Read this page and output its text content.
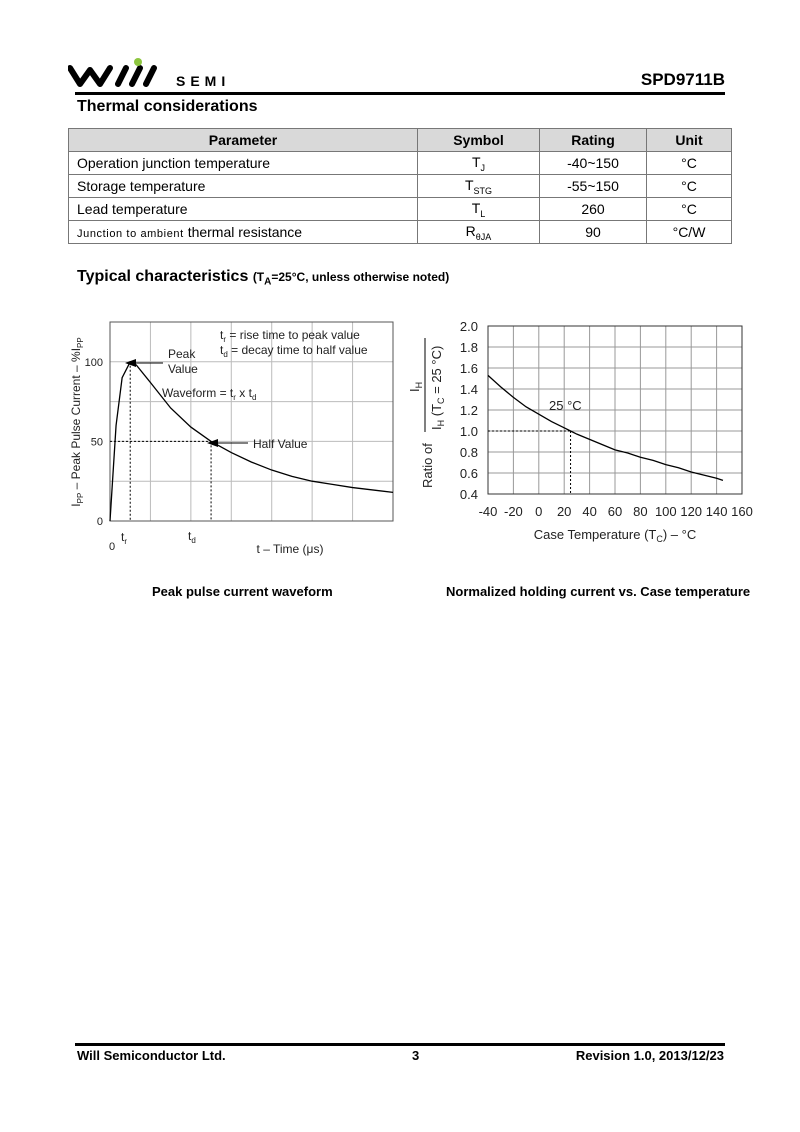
SEMI	SPD9711B
Thermal considerations
Parameter	Symbol	Rating	Unit
Operation junction temperature	$T_J$	-40~150	°C
Storage temperature	$T_{STG}$	-55~150	°C
Lead temperature	$T_L$	260	°C
Junction to ambient thermal resistance	$R_{\theta JA}$	90	°C/W
Typical characteristics ($T_A=25^\circ C$, unless otherwise noted)
0
50
100
$t_r$ = rise time to peak value
$t_d$ = decay time to half value
Peak
Value
Waveform = $t_r$ x $t_d$
Half Value
0
$t_r$	$t_d$
t – Time (μs)
$I_{PP}$ – Peak Pulse Current – $\%I_{PP}$
0.4
0.6
0.8
1.0
1.2
1.4
1.6
1.8
2.0
-40 -20 0 20 40 60 80 100 120 140 160
25 °C
Case Temperature $(T_C) - ^\circ C$
Ratio of
$I_H$
$I_H$ ($T_C = 25$ °C)
Peak pulse current waveform	Normalized holding current vs. Case temperature
Will Semiconductor Ltd.	3	Revision 1.0, 2013/12/23
